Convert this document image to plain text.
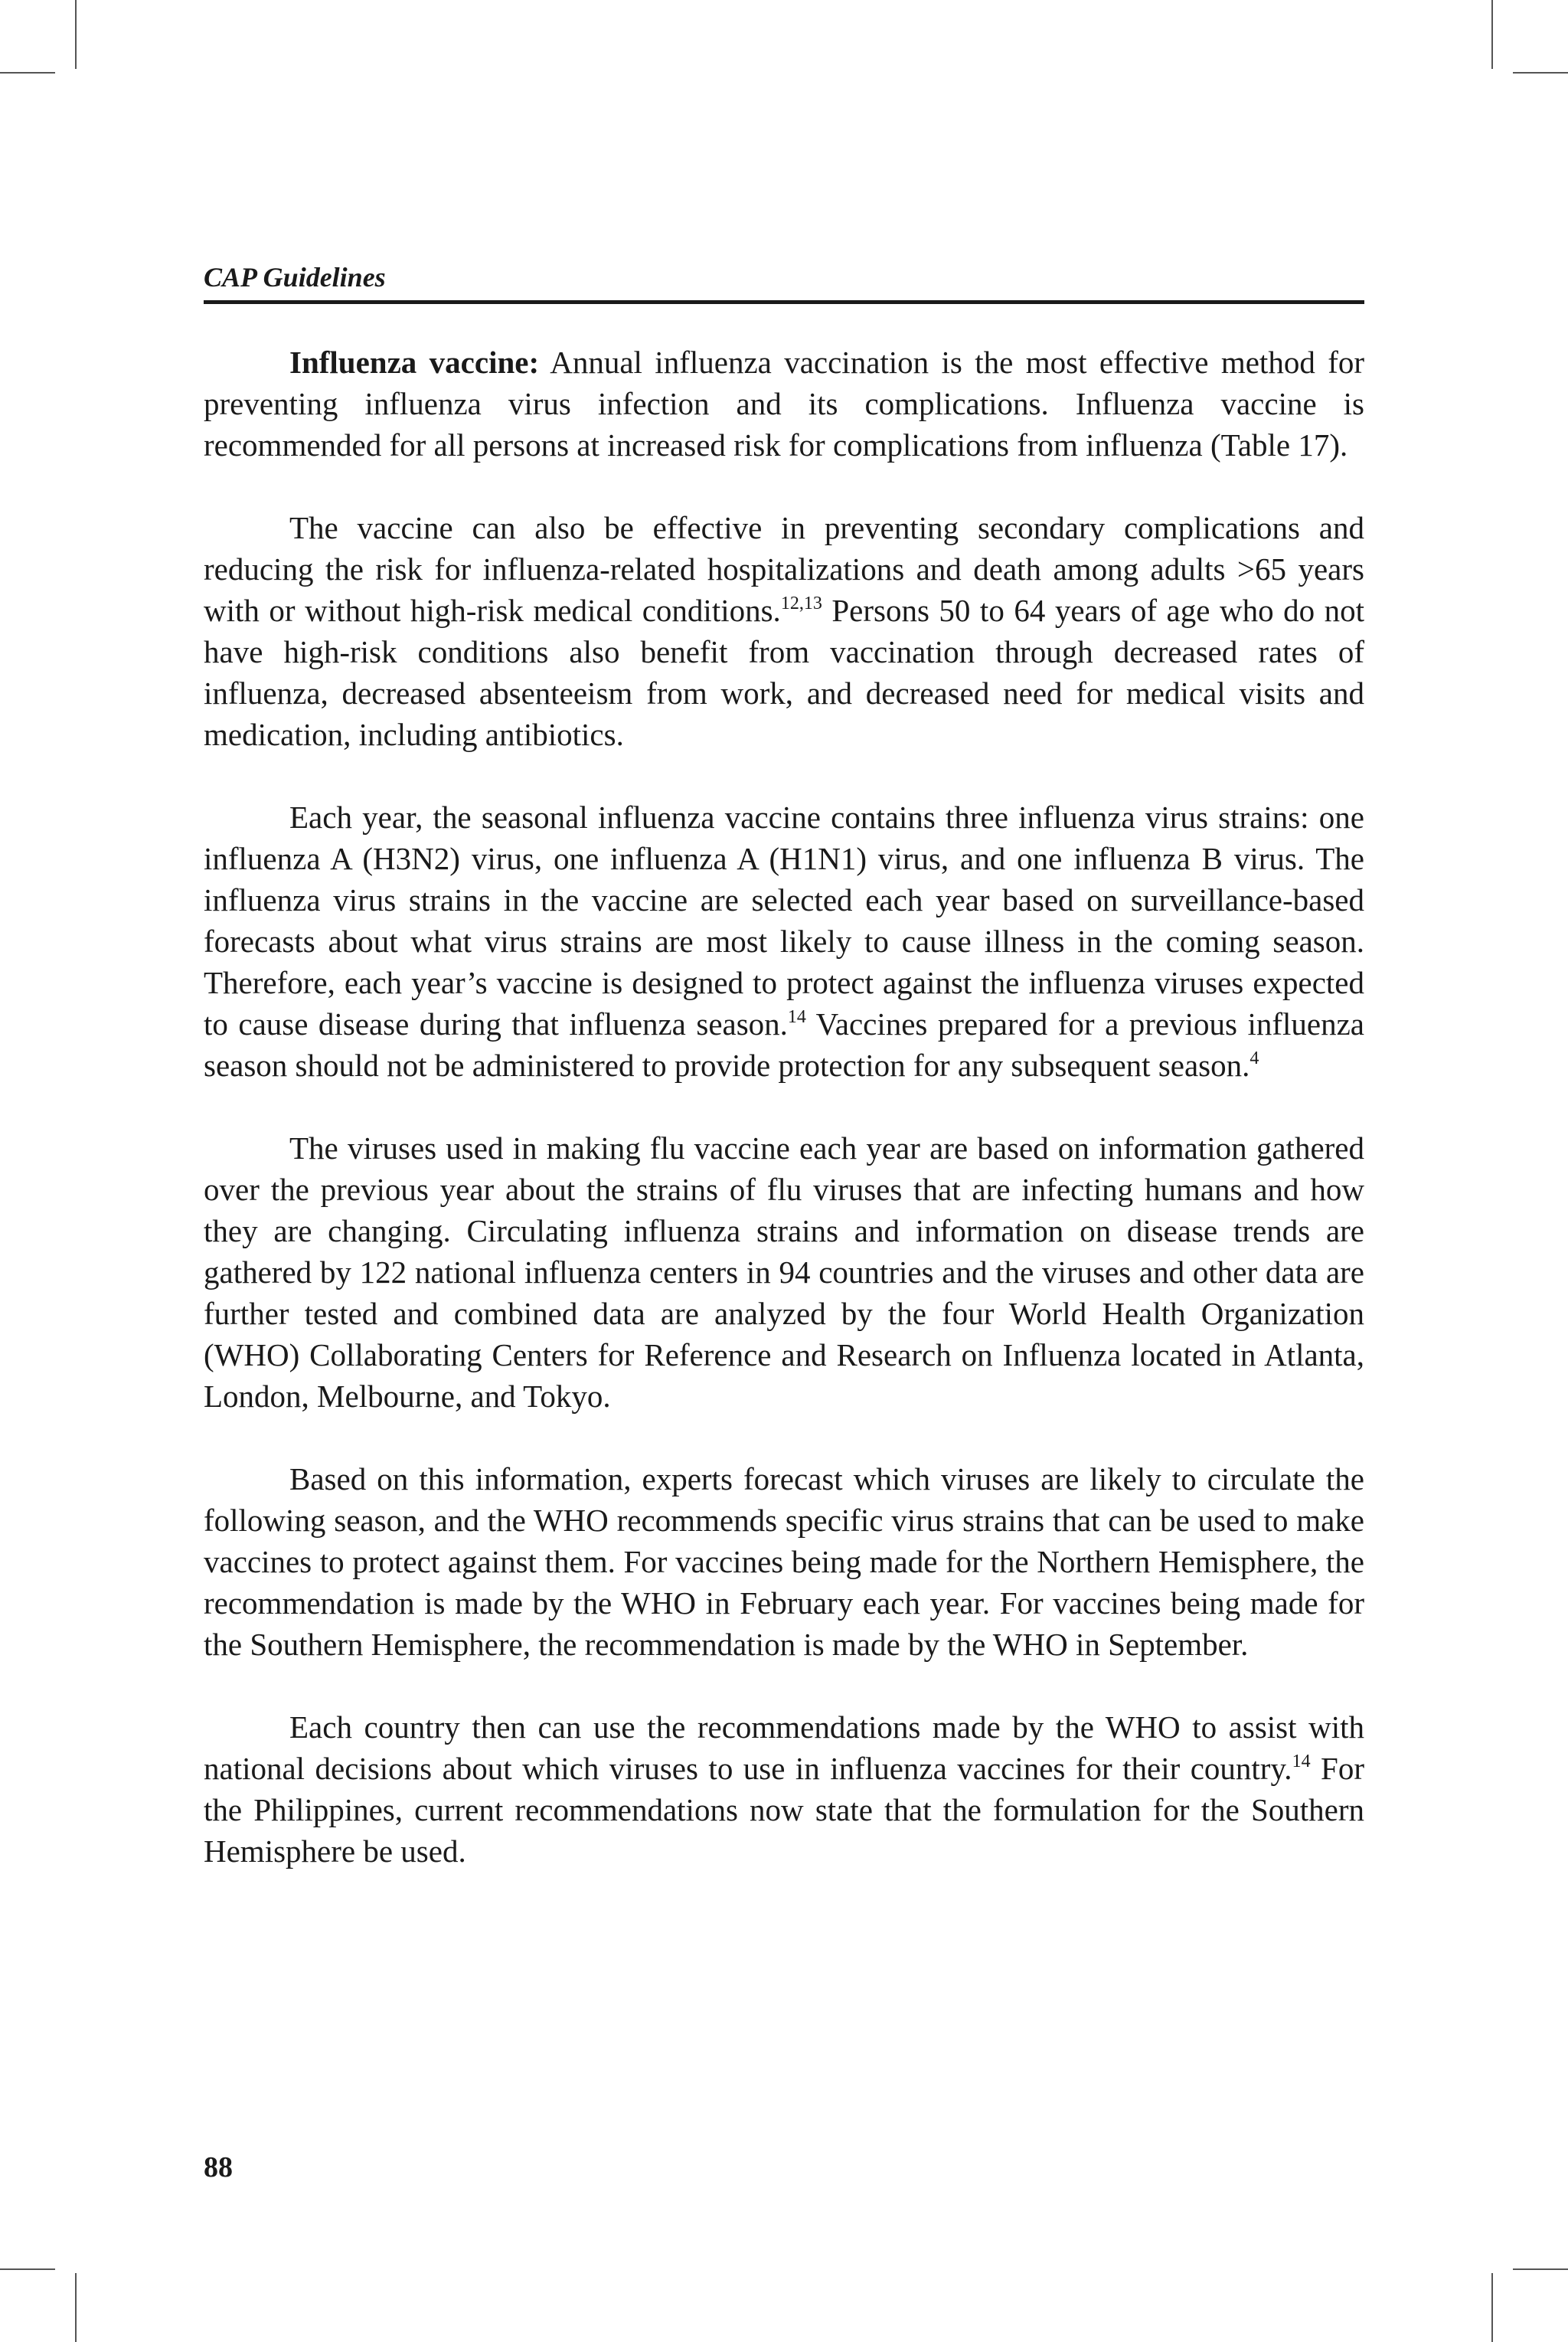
CAP Guidelines

Influenza vaccine: Annual influenza vaccination is the most effective method for preventing influenza virus infection and its complications. Influenza vaccine is recommended for all persons at increased risk for complications from influenza (Table 17).

The vaccine can also be effective in preventing secondary complications and reducing the risk for influenza-related hospitalizations and death among adults >65 years with or without high-risk medical conditions.$^{12,13}$ Persons 50 to 64 years of age who do not have high-risk conditions also benefit from vaccination through decreased rates of influenza, decreased absenteeism from work, and decreased need for medical visits and medication, including antibiotics.

Each year, the seasonal influenza vaccine contains three influenza virus strains: one influenza A (H3N2) virus, one influenza A (H1N1) virus, and one influenza B virus. The influenza virus strains in the vaccine are selected each year based on surveillance-based forecasts about what virus strains are most likely to cause illness in the coming season. Therefore, each year’s vaccine is designed to protect against the influenza viruses expected to cause disease during that influenza season.$^{14}$ Vaccines prepared for a previous influenza season should not be administered to provide protection for any subsequent season.$^4$

The viruses used in making flu vaccine each year are based on information gathered over the previous year about the strains of flu viruses that are infecting humans and how they are changing. Circulating influenza strains and information on disease trends are gathered by 122 national influenza centers in 94 countries and the viruses and other data are further tested and combined data are analyzed by the four World Health Organization (WHO) Collaborating Centers for Reference and Research on Influenza located in Atlanta, London, Melbourne, and Tokyo.

Based on this information, experts forecast which viruses are likely to circulate the following season, and the WHO recommends specific virus strains that can be used to make vaccines to protect against them. For vaccines being made for the Northern Hemisphere, the recommendation is made by the WHO in February each year. For vaccines being made for the Southern Hemisphere, the recommendation is made by the WHO in September.

Each country then can use the recommendations made by the WHO to assist with national decisions about which viruses to use in influenza vaccines for their country.$^{14}$ For the Philippines, current recommendations now state that the formulation for the Southern Hemisphere be used.

88
